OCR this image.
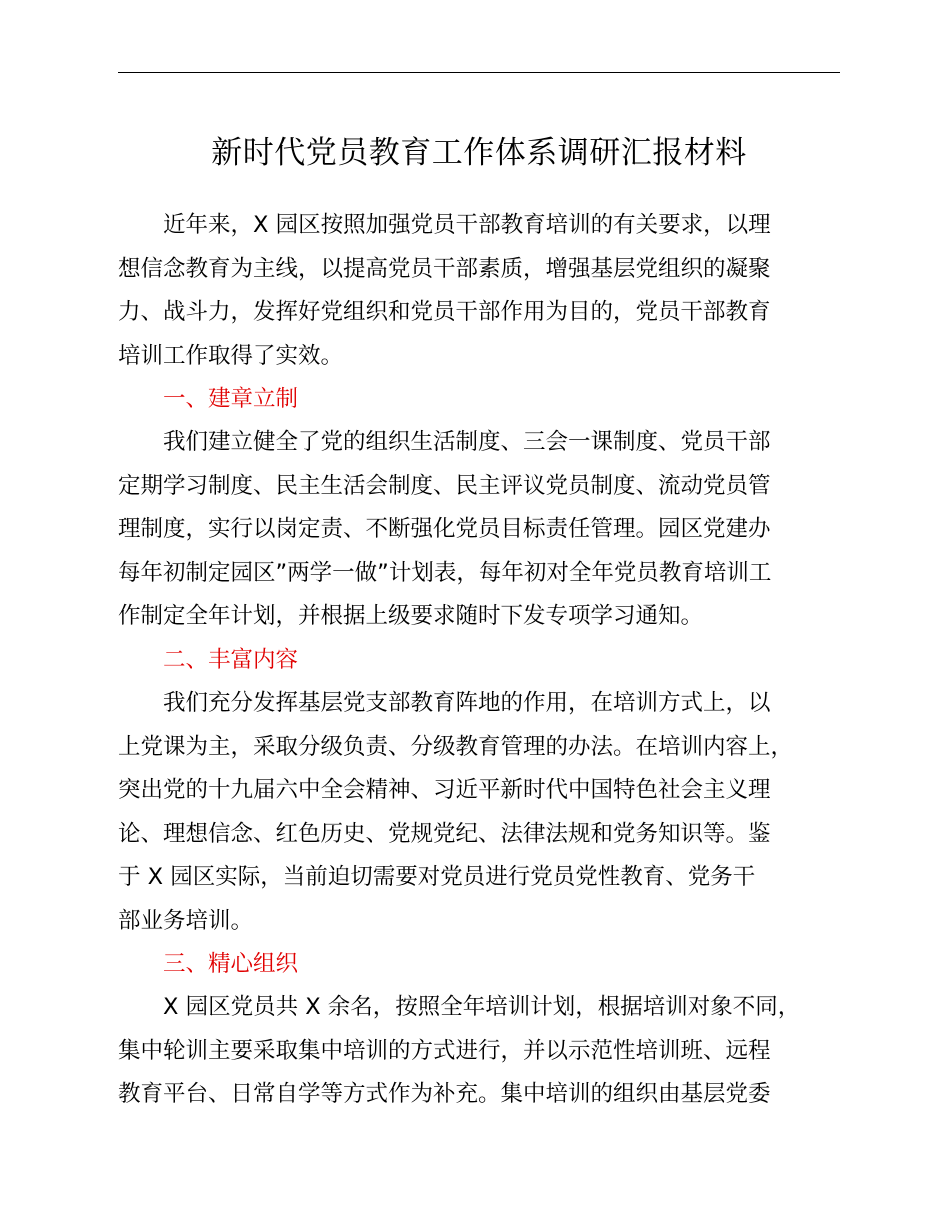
新时代党员教育工作体系调研汇报材料
近年来，X 园区按照加强党员干部教育培训的有关要求，以理
想信念教育为主线，以提高党员干部素质，增强基层党组织的凝聚
力、战斗力，发挥好党组织和党员干部作用为目的，党员干部教育
培训工作取得了实效。
一、建章立制
我们建立健全了党的组织生活制度、三会一课制度、党员干部
定期学习制度、民主生活会制度、民主评议党员制度、流动党员管
理制度，实行以岗定责、不断强化党员目标责任管理。园区党建办
每年初制定园区”两学一做”计划表，每年初对全年党员教育培训工
作制定全年计划，并根据上级要求随时下发专项学习通知。
二、丰富内容
我们充分发挥基层党支部教育阵地的作用，在培训方式上，以
上党课为主，采取分级负责、分级教育管理的办法。在培训内容上，
突出党的十九届六中全会精神、习近平新时代中国特色社会主义理
论、理想信念、红色历史、党规党纪、法律法规和党务知识等。鉴
于 X 园区实际，当前迫切需要对党员进行党员党性教育、党务干
部业务培训。
三、精心组织
X 园区党员共 X 余名，按照全年培训计划，根据培训对象不同，
集中轮训主要采取集中培训的方式进行，并以示范性培训班、远程
教育平台、日常自学等方式作为补充。集中培训的组织由基层党委
